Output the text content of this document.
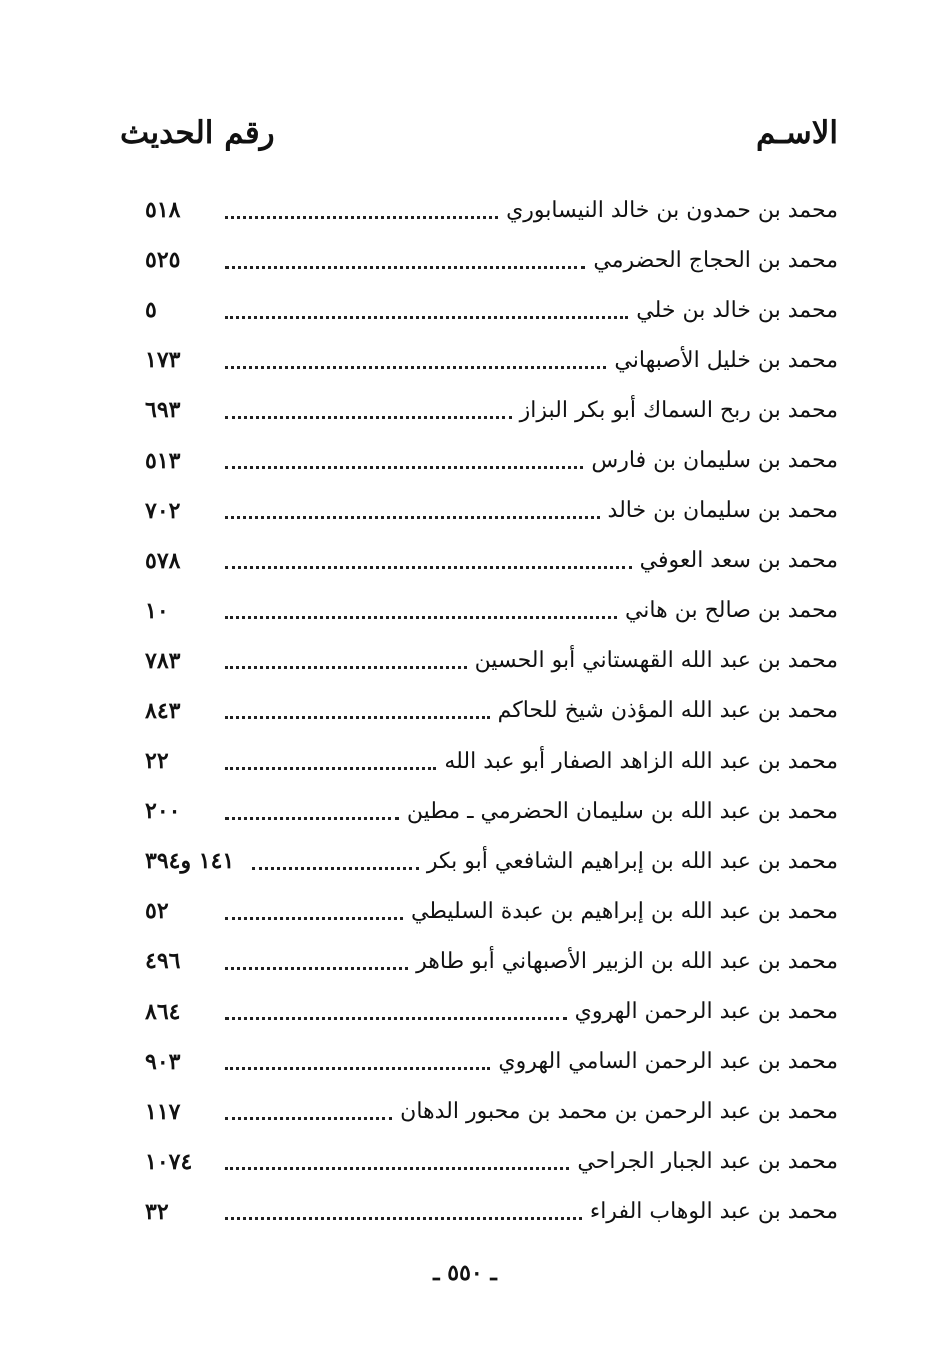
الاسـم
رقم الحديث
محمد بن حمدون بن خالد النيسابوري
٥١٨
محمد بن الحجاج الحضرمي
٥٢٥
محمد بن خالد بن خلي
٥
محمد بن خليل الأصبهاني
١٧٣
محمد بن ربح السماك أبو بكر البزاز
٦٩٣
محمد بن سليمان بن فارس
٥١٣
محمد بن سليمان بن خالد
٧٠٢
محمد بن سعد العوفي
٥٧٨
محمد بن صالح بن هاني
١٠
محمد بن عبد الله القهستاني أبو الحسين
٧٨٣
محمد بن عبد الله المؤذن شيخ للحاكم
٨٤٣
محمد بن عبد الله الزاهد الصفار أبو عبد الله
٢٢
محمد بن عبد الله بن سليمان الحضرمي ـ مطين
٢٠٠
محمد بن عبد الله بن إبراهيم الشافعي أبو بكر
١٤١ و٣٩٤
محمد بن عبد الله بن إبراهيم بن عبدة السليطي
٥٢
محمد بن عبد الله بن الزبير الأصبهاني أبو طاهر
٤٩٦
محمد بن عبد الرحمن الهروي
٨٦٤
محمد بن عبد الرحمن السامي الهروي
٩٠٣
محمد بن عبد الرحمن بن محمد بن محبور الدهان
١١٧
محمد بن عبد الجبار الجراحي
١٠٧٤
محمد بن عبد الوهاب الفراء
٣٢
ـ ٥٥٠ ـ
